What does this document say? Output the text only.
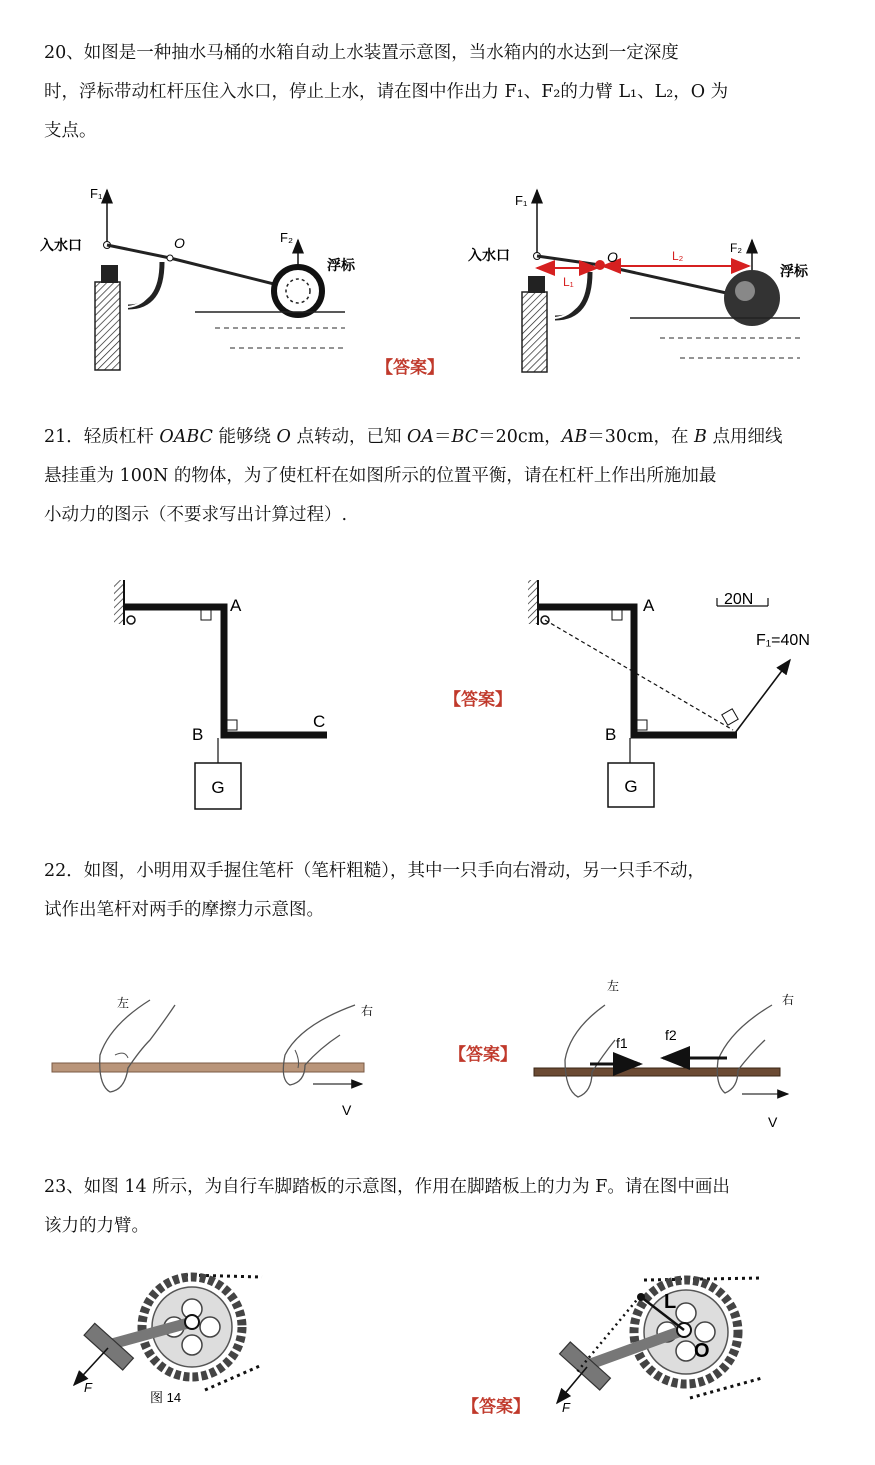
20、如图是一种抽水马桶的水箱自动上水装置示意图，当水箱内的水达到一定深度
时，浮标带动杠杆压住入水口，停止上水，请在图中作出力 F₁、F₂的力臂 L₁、L₂，O 为
支点。
F₁
O
入水口	F₂
浮标
F₁
L₁
L₂
O
入水口	F₂
浮标
A
B
C
G
A
B
20N
F₁=40N
G
左
右
V
左
右
f1	f2
V
F
图 14
F
L
O
【答案】
21．轻质杠杆 OABC 能够绕 O 点转动，已知 OA＝BC＝20cm，AB＝30cm，在 B 点用细线
悬挂重为 100N 的物体，为了使杠杆在如图所示的位置平衡，请在杠杆上作出所施加最
小动力的图示（不要求写出计算过程）.
【答案】
22．如图，小明用双手握住笔杆（笔杆粗糙），其中一只手向右滑动，另一只手不动，
试作出笔杆对两手的摩擦力示意图。
【答案】
23、如图 14 所示，为自行车脚踏板的示意图，作用在脚踏板上的力为 F。请在图中画出
该力的力臂。
【答案】
